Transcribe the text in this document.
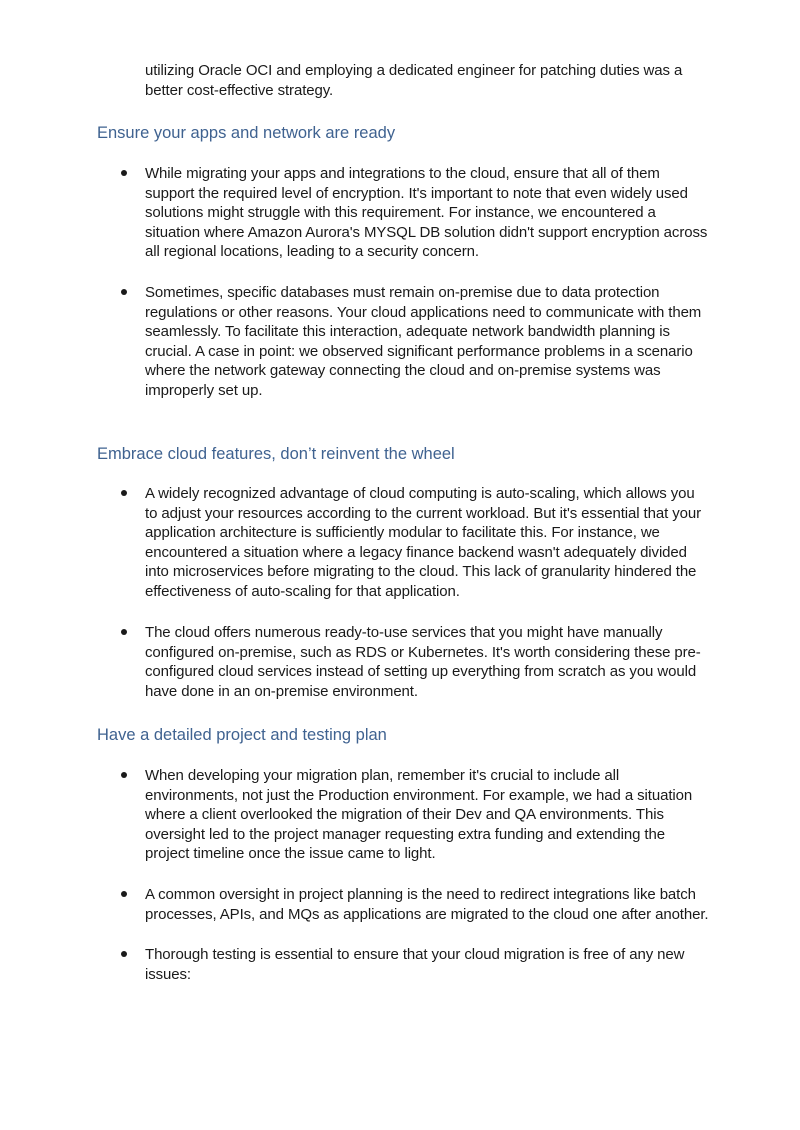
utilizing Oracle OCI and employing a dedicated engineer for patching duties was a better cost-effective strategy.

Ensure your apps and network are ready

While migrating your apps and integrations to the cloud, ensure that all of them support the required level of encryption. It's important to note that even widely used solutions might struggle with this requirement. For instance, we encountered a situation where Amazon Aurora's MYSQL DB solution didn't support encryption across all regional locations, leading to a security concern.

Sometimes, specific databases must remain on-premise due to data protection regulations or other reasons. Your cloud applications need to communicate with them seamlessly. To facilitate this interaction, adequate network bandwidth planning is crucial. A case in point: we observed significant performance problems in a scenario where the network gateway connecting the cloud and on-premise systems was improperly set up.

Embrace cloud features, don’t reinvent the wheel

A widely recognized advantage of cloud computing is auto-scaling, which allows you to adjust your resources according to the current workload. But it's essential that your application architecture is sufficiently modular to facilitate this. For instance, we encountered a situation where a legacy finance backend wasn't adequately divided into microservices before migrating to the cloud. This lack of granularity hindered the effectiveness of auto-scaling for that application.

The cloud offers numerous ready-to-use services that you might have manually configured on-premise, such as RDS or Kubernetes. It's worth considering these pre-configured cloud services instead of setting up everything from scratch as you would have done in an on-premise environment.

Have a detailed project and testing plan

When developing your migration plan, remember it's crucial to include all environments, not just the Production environment. For example, we had a situation where a client overlooked the migration of their Dev and QA environments. This oversight led to the project manager requesting extra funding and extending the project timeline once the issue came to light.

A common oversight in project planning is the need to redirect integrations like batch processes, APIs, and MQs as applications are migrated to the cloud one after another.

Thorough testing is essential to ensure that your cloud migration is free of any new issues:
